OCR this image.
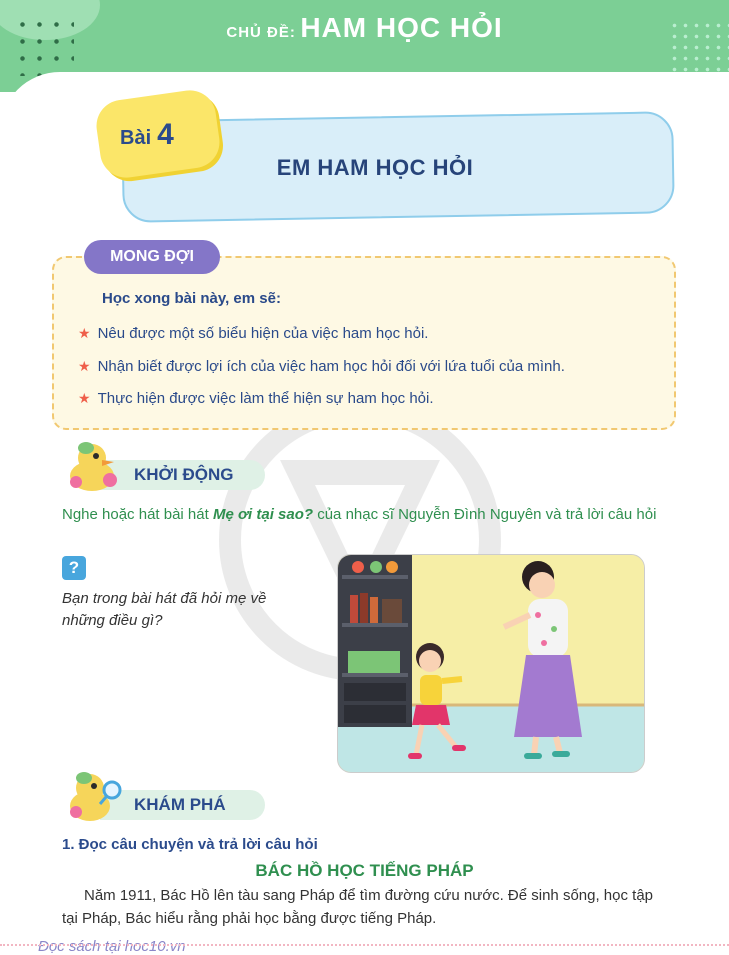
CHỦ ĐỀ: HAM HỌC HỎI
EM HAM HỌC HỎI
Bài 4
MONG ĐỢI
Học xong bài này, em sẽ:
★ Nêu được một số biểu hiện của việc ham học hỏi.
★ Nhận biết được lợi ích của việc ham học hỏi đối với lứa tuổi của mình.
★ Thực hiện được việc làm thể hiện sự ham học hỏi.
KHỞI ĐỘNG
Nghe hoặc hát bài hát Mẹ ơi tại sao? của nhạc sĩ Nguyễn Đình Nguyên và trả lời câu hỏi
?
Bạn trong bài hát đã hỏi mẹ về những điều gì?
KHÁM PHÁ
1. Đọc câu chuyện và trả lời câu hỏi
BÁC HỒ HỌC TIẾNG PHÁP
Năm 1911, Bác Hồ lên tàu sang Pháp để tìm đường cứu nước. Để sinh sống, học tập tại Pháp, Bác hiểu rằng phải học bằng được tiếng Pháp.
Đọc sách tại hoc10.vn
